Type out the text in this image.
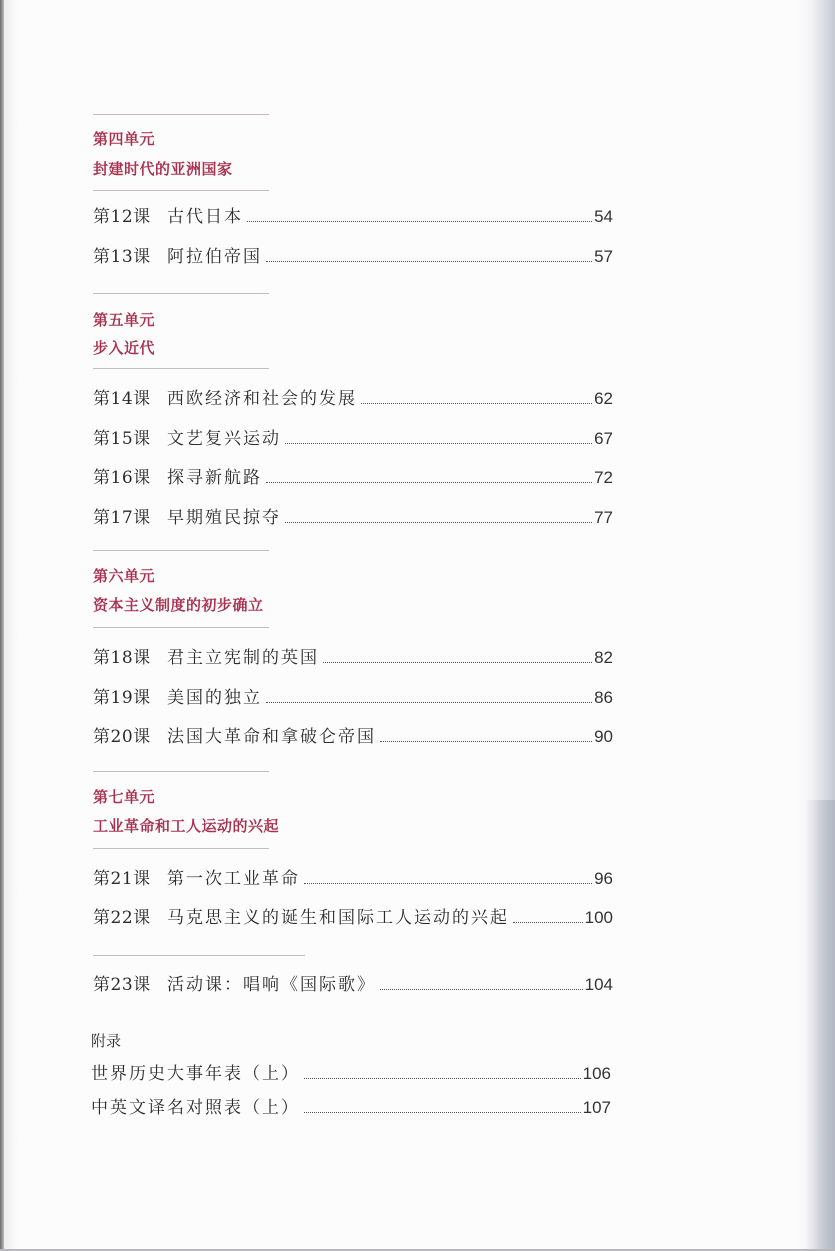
第四单元
封建时代的亚洲国家
第12课 古代日本	54
第13课 阿拉伯帝国	57
第五单元
步入近代
第14课 西欧经济和社会的发展	62
第15课 文艺复兴运动	67
第16课 探寻新航路	72
第17课 早期殖民掠夺	77
第六单元
资本主义制度的初步确立
第18课 君主立宪制的英国	82
第19课 美国的独立	86
第20课 法国大革命和拿破仑帝国	90
第七单元
工业革命和工人运动的兴起
第21课 第一次工业革命	96
第22课 马克思主义的诞生和国际工人运动的兴起	100
第23课 活动课：唱响《国际歌》	104
附录
世界历史大事年表（上）	106
中英文译名对照表（上）	107
